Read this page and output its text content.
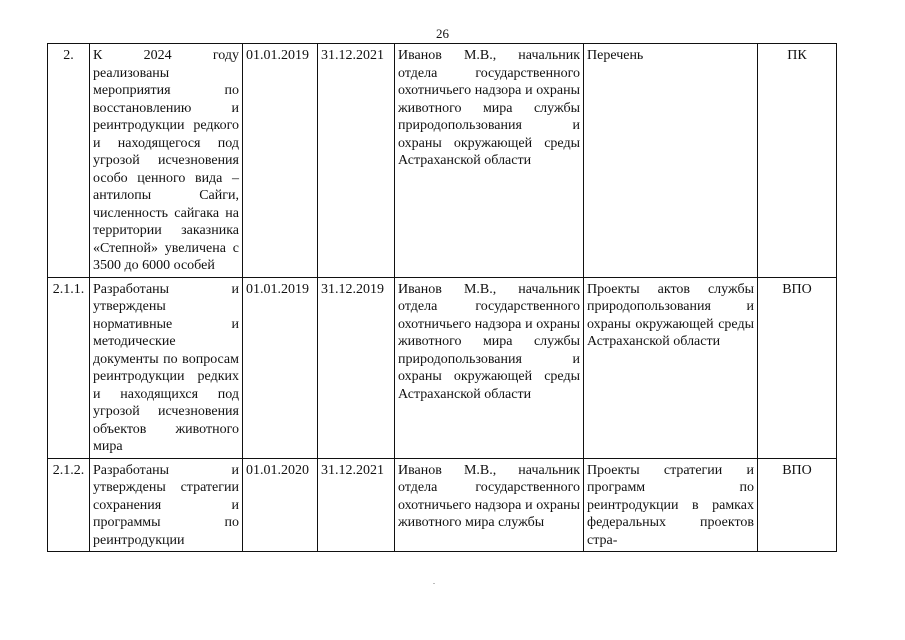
26
2.	К 2024 году реализованы мероприятия по восстановлению и реинтродукции редкого и находящегося под угрозой исчезновения особо ценного вида – антилопы Сайги, численность сайгака на территории заказника «Степной» увеличена с 3500 до 6000 особей	01.01.2019	31.12.2021	Иванов М.В., начальник отдела государственного охотничьего надзора и охраны животного мира службы природопользования и охраны окружающей среды Астраханской области	Перечень	ПК
2.1.1.	Разработаны и утверждены нормативные и методические документы по вопросам реинтродукции редких и находящихся под угрозой исчезновения объектов животного мира	01.01.2019	31.12.2019	Иванов М.В., начальник отдела государственного охотничьего надзора и охраны животного мира службы природопользования и охраны окружающей среды Астраханской области	Проекты актов службы природопользования и охраны окружающей среды Астраханской области	ВПО
2.1.2.	Разработаны и утверждены стратегии сохранения и программы по реинтродукции	01.01.2020	31.12.2021	Иванов М.В., начальник отдела государственного охотничьего надзора и охраны животного мира службы	Проекты стратегии и программ по реинтродукции в рамках федеральных проектов стра-	ВПО
